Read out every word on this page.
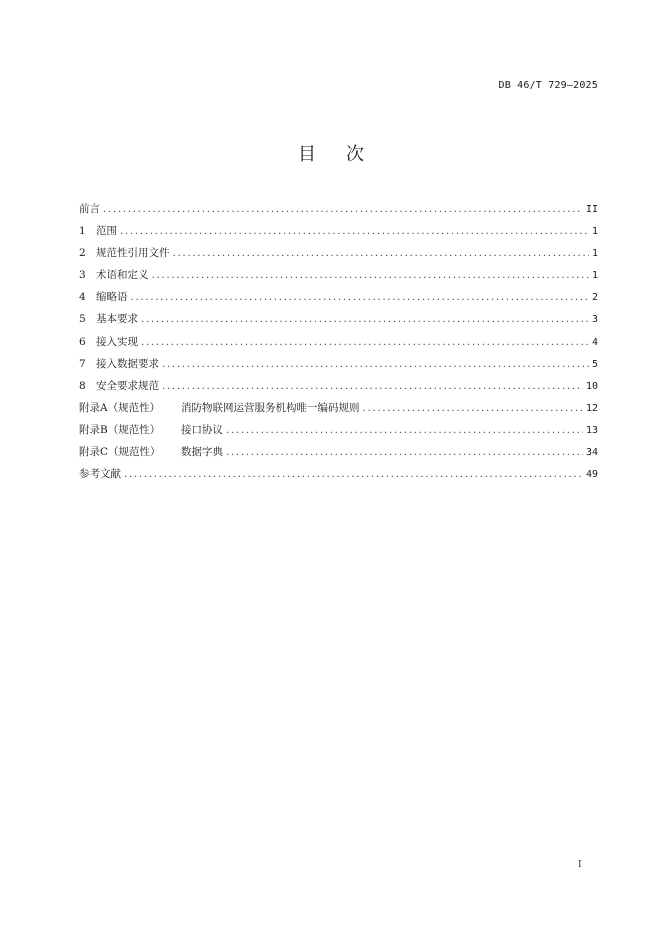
DB 46/T 729—2025
目次
前言 .....	II
1 范围 .....	1
2 规范性引用文件 .....	1
3 术语和定义 .....	1
4 缩略语 .....	2
5 基本要求 .....	3
6 接入实现 .....	4
7 接入数据要求 .....	5
8 安全要求规范 .....	10
附录A（规范性） 消防物联网运营服务机构唯一编码规则 .....	12
附录B（规范性） 接口协议 .....	13
附录C（规范性） 数据字典 .....	34
参考文献 .....	49
I
